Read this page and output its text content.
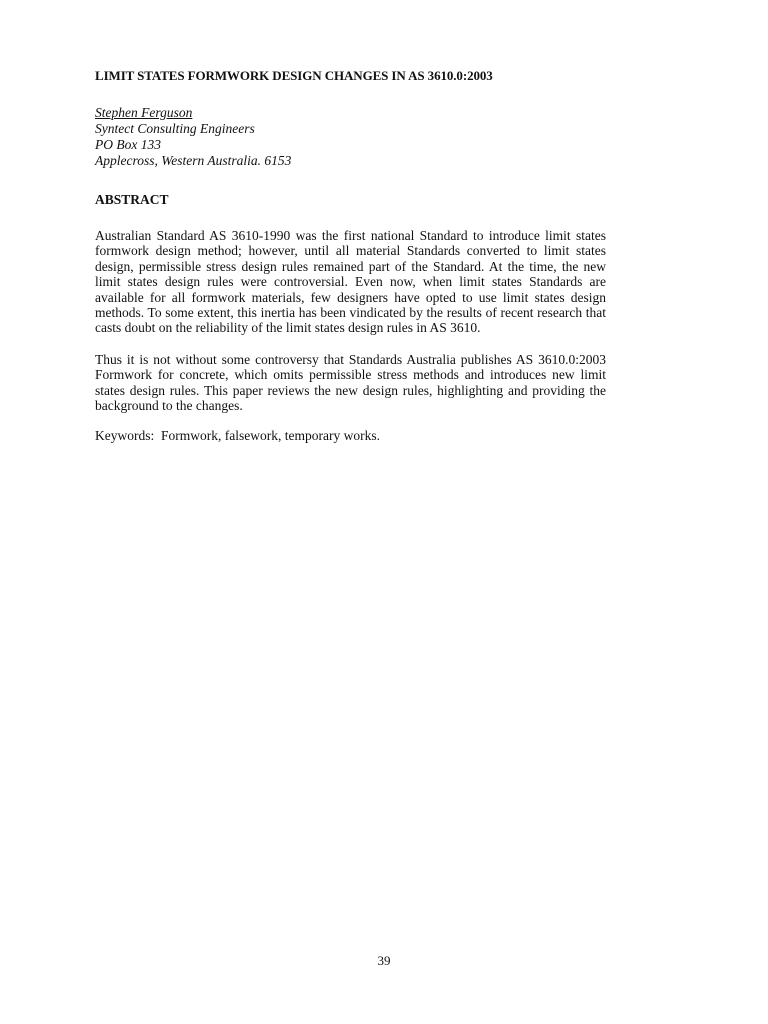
LIMIT STATES FORMWORK DESIGN CHANGES IN AS 3610.0:2003
Stephen Ferguson
Syntect Consulting Engineers
PO Box 133
Applecross, Western Australia. 6153
ABSTRACT

Australian Standard AS 3610-1990 was the first national Standard to introduce limit states formwork design method; however, until all material Standards converted to limit states design, permissible stress design rules remained part of the Standard. At the time, the new limit states design rules were controversial. Even now, when limit states Standards are available for all formwork materials, few designers have opted to use limit states design methods. To some extent, this inertia has been vindicated by the results of recent research that casts doubt on the reliability of the limit states design rules in AS 3610.

Thus it is not without some controversy that Standards Australia publishes AS 3610.0:2003 Formwork for concrete, which omits permissible stress methods and introduces new limit states design rules. This paper reviews the new design rules, highlighting and providing the background to the changes.

Keywords:  Formwork, falsework, temporary works.
39
